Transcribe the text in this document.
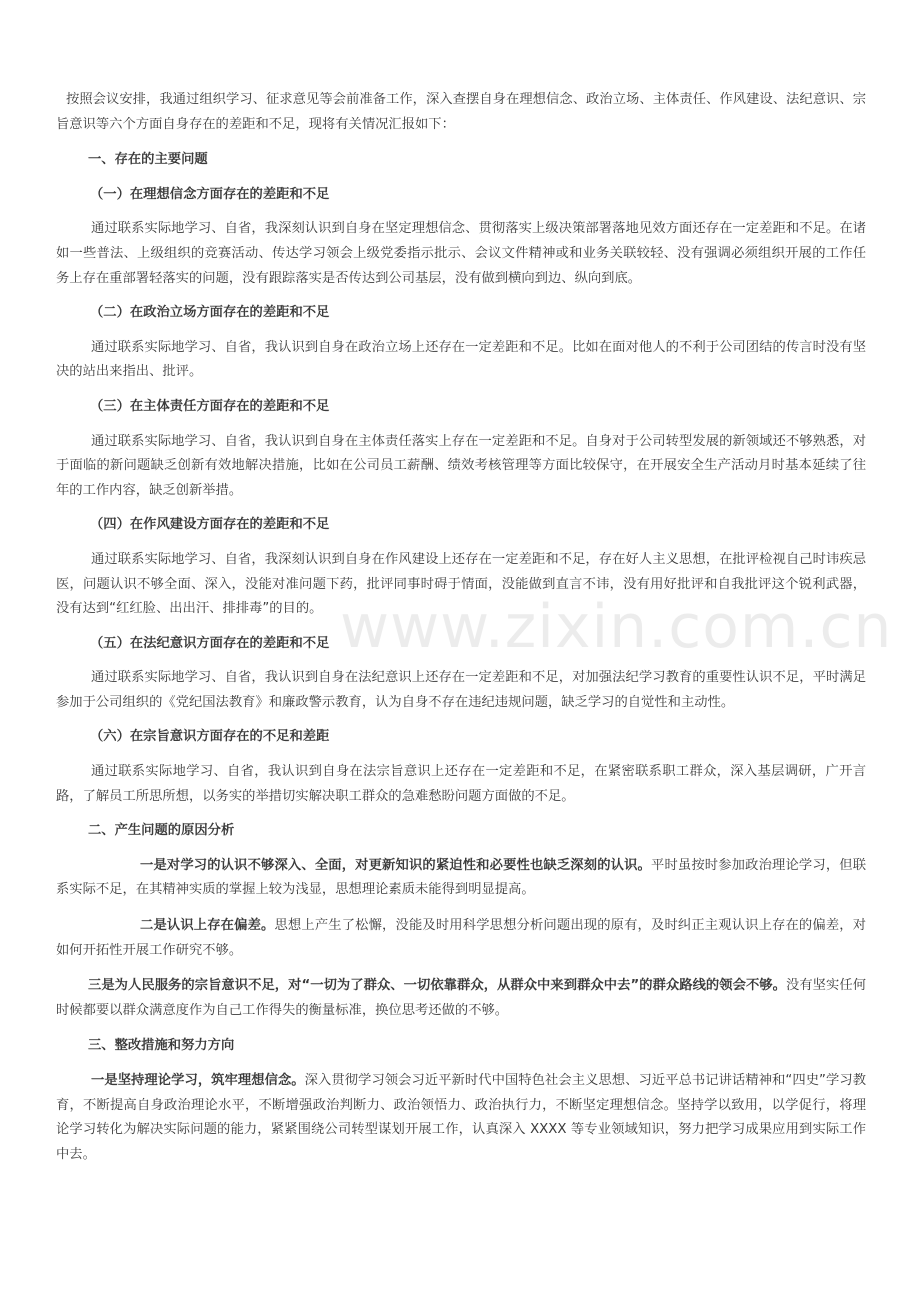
www.zixin.com.cn

按照会议安排，我通过组织学习、征求意见等会前准备工作，深入查摆自身在理想信念、政治立场、主体责任、作风建设、法纪意识、宗旨意识等六个方面自身存在的差距和不足，现将有关情况汇报如下：

一、存在的主要问题

（一）在理想信念方面存在的差距和不足

通过联系实际地学习、自省，我深刻认识到自身在坚定理想信念、贯彻落实上级决策部署落地见效方面还存在一定差距和不足。在诸如一些普法、上级组织的竞赛活动、传达学习领会上级党委指示批示、会议文件精神或和业务关联较轻、没有强调必须组织开展的工作任务上存在重部署轻落实的问题，没有跟踪落实是否传达到公司基层，没有做到横向到边、纵向到底。

（二）在政治立场方面存在的差距和不足

通过联系实际地学习、自省，我认识到自身在政治立场上还存在一定差距和不足。比如在面对他人的不利于公司团结的传言时没有坚决的站出来指出、批评。

（三）在主体责任方面存在的差距和不足

通过联系实际地学习、自省，我认识到自身在主体责任落实上存在一定差距和不足。自身对于公司转型发展的新领域还不够熟悉，对于面临的新问题缺乏创新有效地解决措施，比如在公司员工薪酬、绩效考核管理等方面比较保守，在开展安全生产活动月时基本延续了往年的工作内容，缺乏创新举措。

（四）在作风建设方面存在的差距和不足

通过联系实际地学习、自省，我深刻认识到自身在作风建设上还存在一定差距和不足，存在好人主义思想，在批评检视自己时讳疾忌医，问题认识不够全面、深入，没能对准问题下药，批评同事时碍于情面，没能做到直言不讳，没有用好批评和自我批评这个锐利武器，没有达到“红红脸、出出汗、排排毒”的目的。

（五）在法纪意识方面存在的差距和不足

通过联系实际地学习、自省，我认识到自身在法纪意识上还存在一定差距和不足，对加强法纪学习教育的重要性认识不足，平时满足参加于公司组织的《党纪国法教育》和廉政警示教育，认为自身不存在违纪违规问题，缺乏学习的自觉性和主动性。

（六）在宗旨意识方面存在的不足和差距

通过联系实际地学习、自省，我认识到自身在法宗旨意识上还存在一定差距和不足，在紧密联系职工群众，深入基层调研，广开言路，了解员工所思所想，以务实的举措切实解决职工群众的急难愁盼问题方面做的不足。

二、产生问题的原因分析

一是对学习的认识不够深入、全面，对更新知识的紧迫性和必要性也缺乏深刻的认识。平时虽按时参加政治理论学习，但联系实际不足，在其精神实质的掌握上较为浅显，思想理论素质未能得到明显提高。

二是认识上存在偏差。思想上产生了松懈，没能及时用科学思想分析问题出现的原有，及时纠正主观认识上存在的偏差，对如何开拓性开展工作研究不够。

三是为人民服务的宗旨意识不足，对“一切为了群众、一切依靠群众，从群众中来到群众中去”的群众路线的领会不够。没有坚实任何时候都要以群众满意度作为自己工作得失的衡量标准，换位思考还做的不够。

三、整改措施和努力方向

一是坚持理论学习，筑牢理想信念。深入贯彻学习领会习近平新时代中国特色社会主义思想、习近平总书记讲话精神和“四史”学习教育，不断提高自身政治理论水平，不断增强政治判断力、政治领悟力、政治执行力，不断坚定理想信念。坚持学以致用，以学促行，将理论学习转化为解决实际问题的能力，紧紧围绕公司转型谋划开展工作，认真深入 XXXX 等专业领域知识，努力把学习成果应用到实际工作中去。
